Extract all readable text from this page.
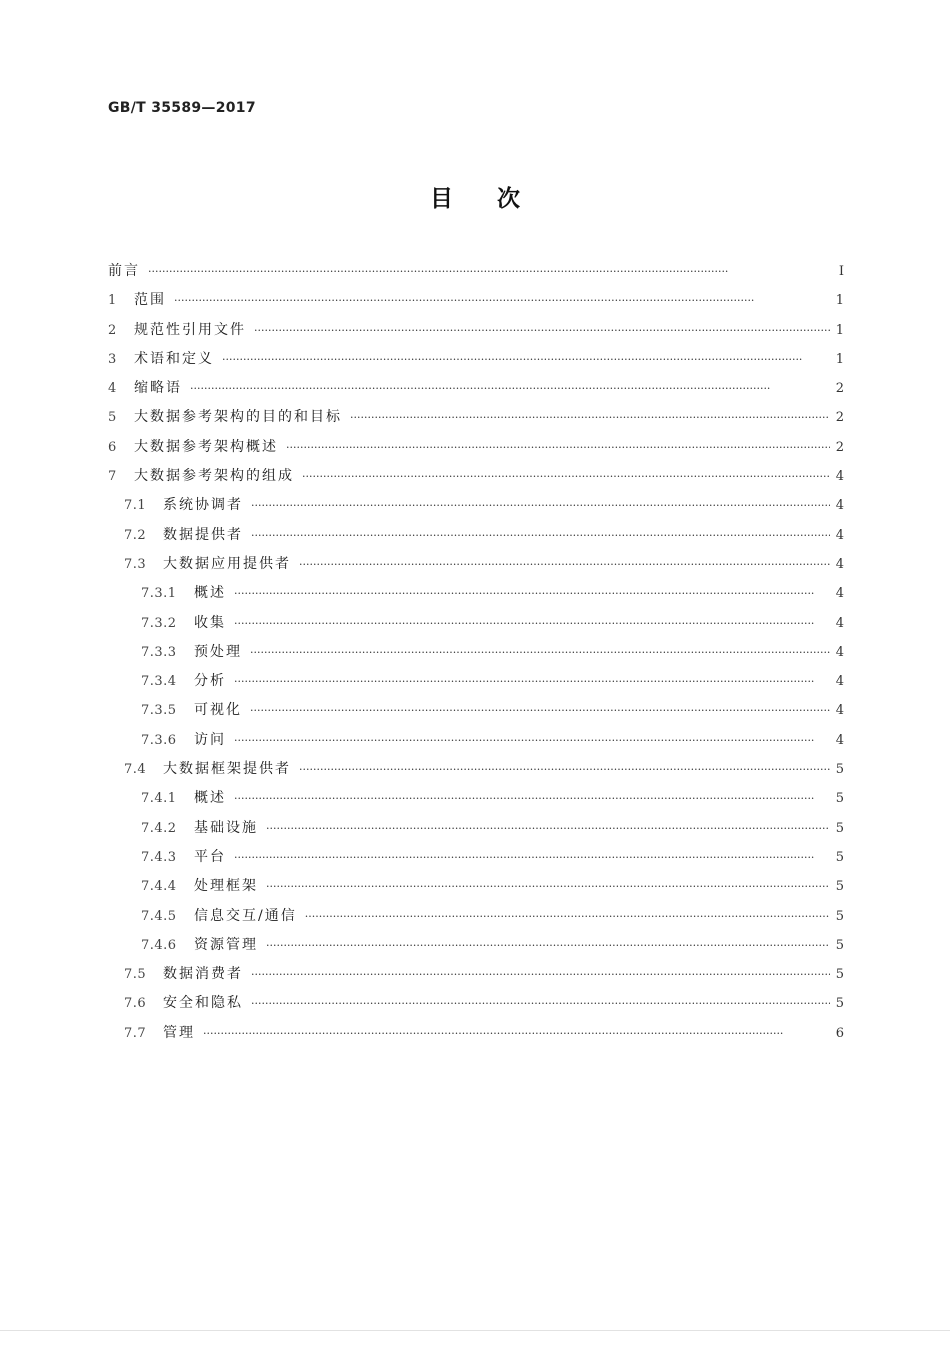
GB/T 35589—2017
目次
前言 ·····	Ⅰ
1	范围 ·····	1
2	规范性引用文件 ·····	1
3	术语和定义 ·····	1
4	缩略语 ·····	2
5	大数据参考架构的目的和目标 ·····	2
6	大数据参考架构概述 ·····	2
7	大数据参考架构的组成 ·····	4
7.1	系统协调者 ·····	4
7.2	数据提供者 ·····	4
7.3	大数据应用提供者 ·····	4
7.3.1	概述 ·····	4
7.3.2	收集 ·····	4
7.3.3	预处理 ·····	4
7.3.4	分析 ·····	4
7.3.5	可视化 ·····	4
7.3.6	访问 ·····	4
7.4	大数据框架提供者 ·····	5
7.4.1	概述 ·····	5
7.4.2	基础设施 ·····	5
7.4.3	平台 ·····	5
7.4.4	处理框架 ·····	5
7.4.5	信息交互/通信 ·····	5
7.4.6	资源管理 ·····	5
7.5	数据消费者 ·····	5
7.6	安全和隐私 ·····	5
7.7	管理 ·····	6
